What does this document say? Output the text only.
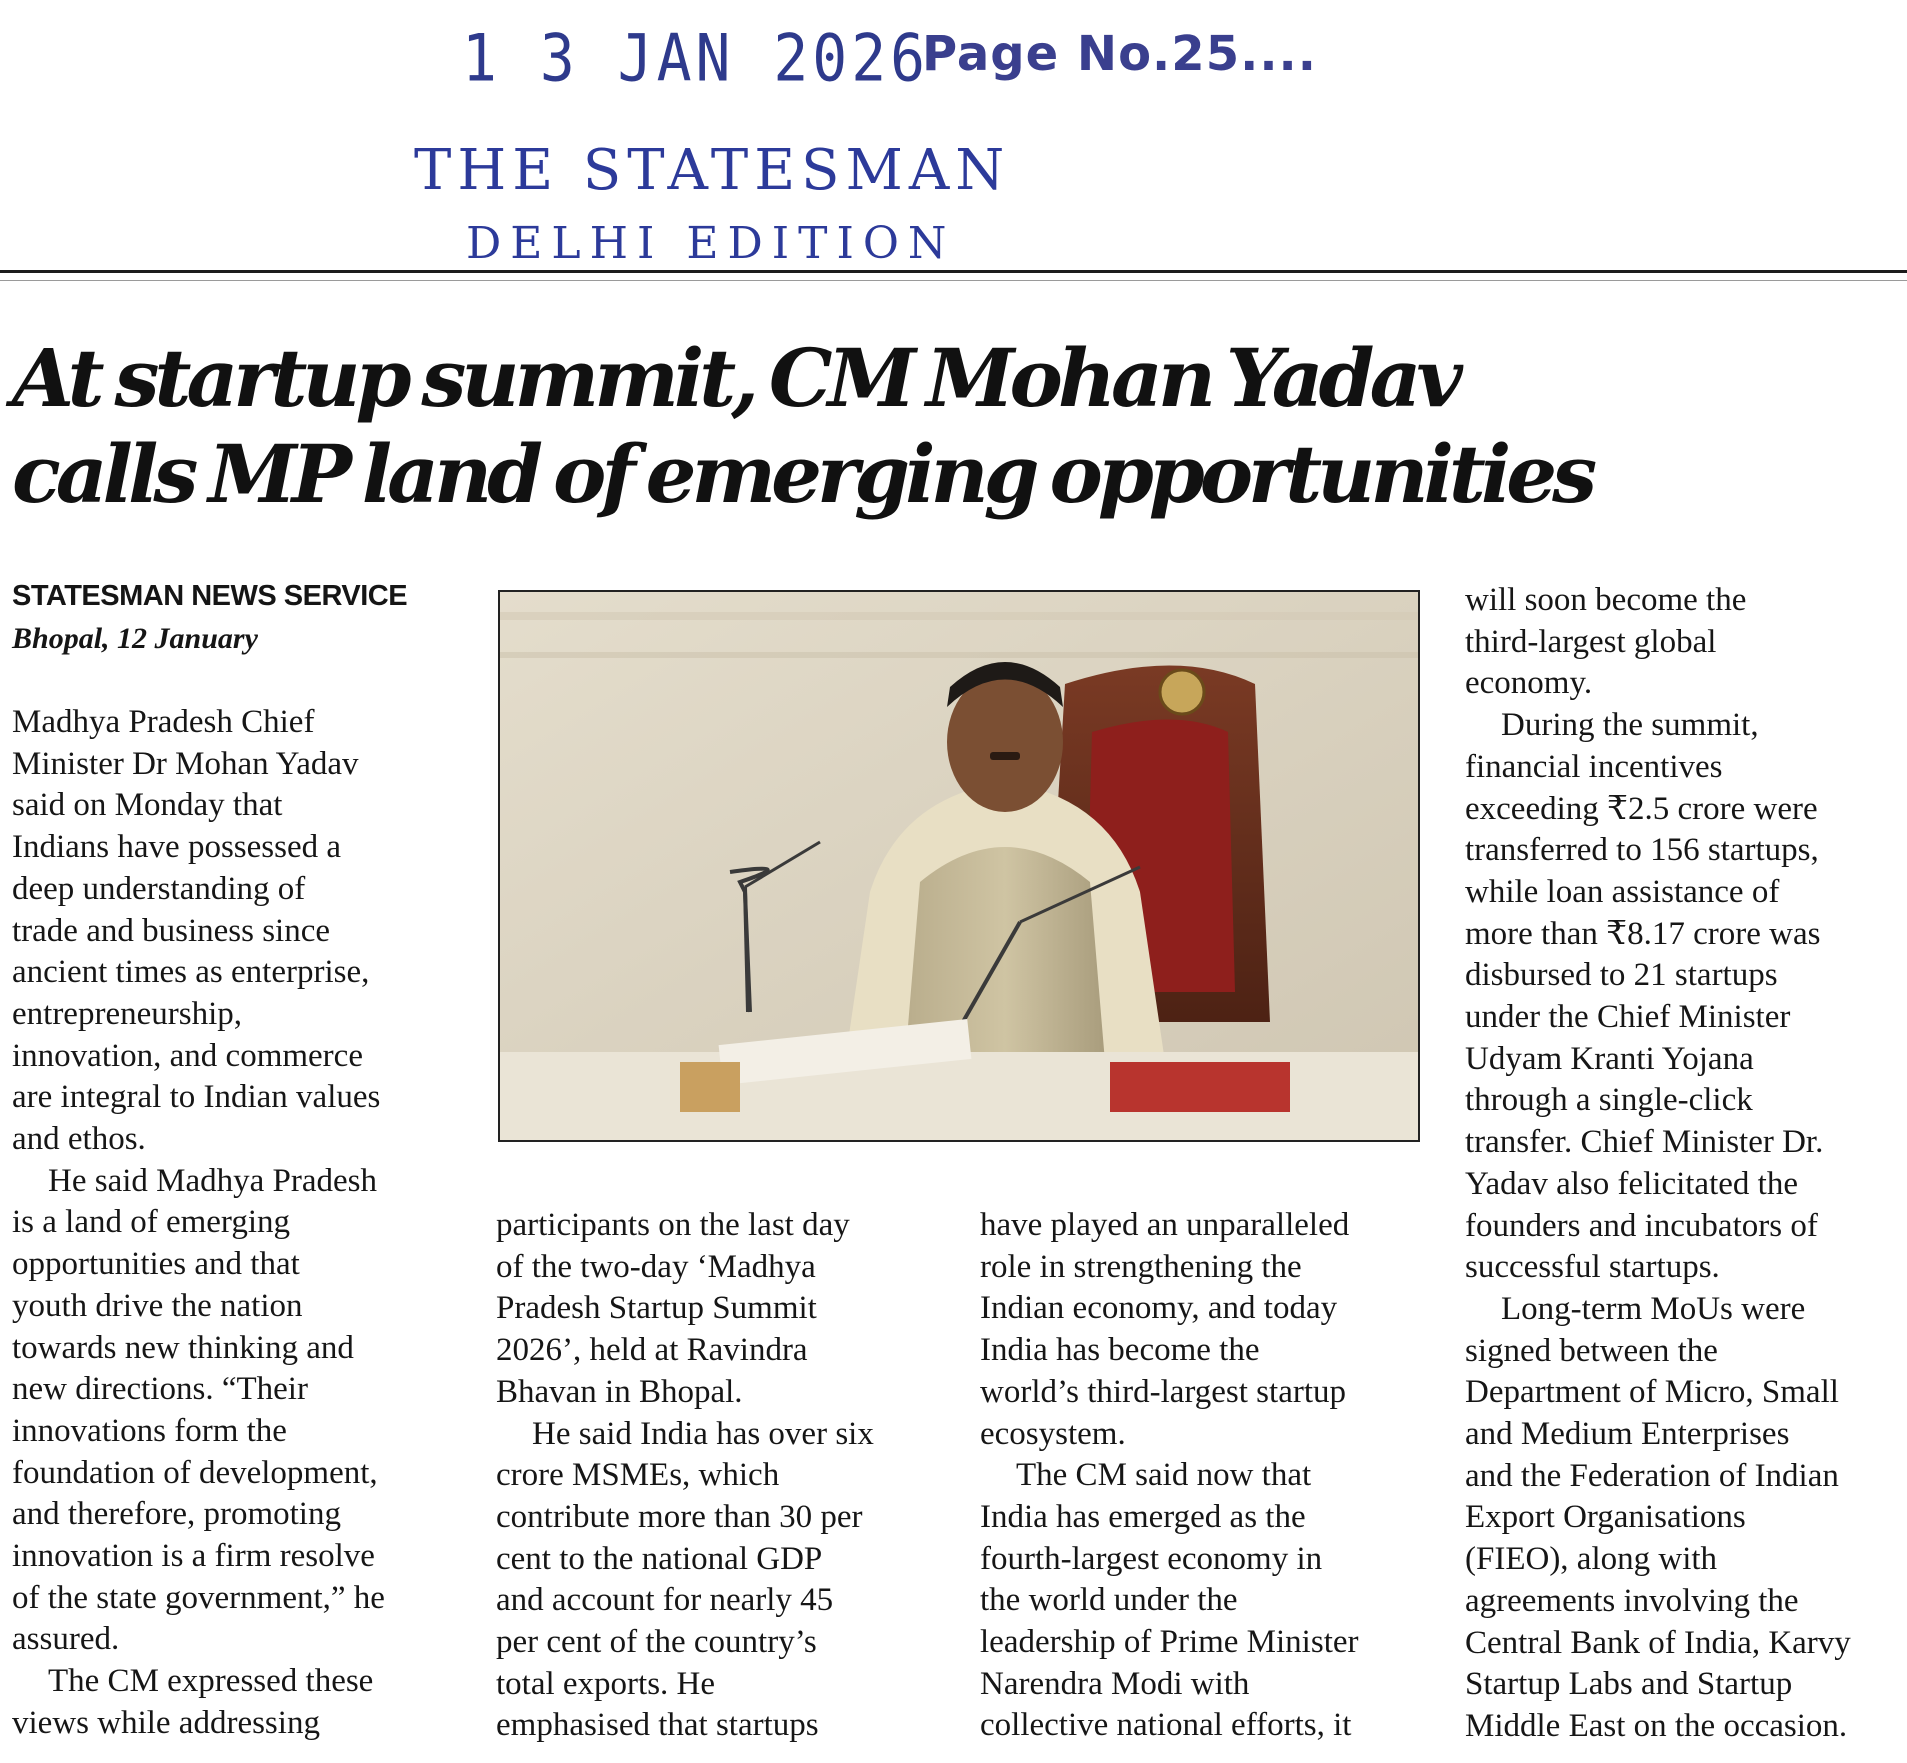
1 3 JAN 2026
Page No.25....
THE STATESMAN
DELHI EDITION
At startup summit, CM Mohan Yadav
calls MP land of emerging opportunities
STATESMAN NEWS SERVICE
Bhopal, 12 January
Madhya Pradesh Chief
Minister Dr Mohan Yadav
said on Monday that
Indians have possessed a
deep understanding of
trade and business since
ancient times as enterprise,
entrepreneurship,
innovation, and commerce
are integral to Indian values
and ethos.
He said Madhya Pradesh
is a land of emerging
opportunities and that
youth drive the nation
towards new thinking and
new directions. “Their
innovations form the
foundation of development,
and therefore, promoting
innovation is a firm resolve
of the state government,” he
assured.
The CM expressed these
views while addressing
participants on the last day
of the two-day ‘Madhya
Pradesh Startup Summit
2026’, held at Ravindra
Bhavan in Bhopal.
He said India has over six
crore MSMEs, which
contribute more than 30 per
cent to the national GDP
and account for nearly 45
per cent of the country’s
total exports. He
emphasised that startups
have played an unparalleled
role in strengthening the
Indian economy, and today
India has become the
world’s third-largest startup
ecosystem.
The CM said now that
India has emerged as the
fourth-largest economy in
the world under the
leadership of Prime Minister
Narendra Modi with
collective national efforts, it
will soon become the
third-largest global
economy.
During the summit,
financial incentives
exceeding ₹2.5 crore were
transferred to 156 startups,
while loan assistance of
more than ₹8.17 crore was
disbursed to 21 startups
under the Chief Minister
Udyam Kranti Yojana
through a single-click
transfer. Chief Minister Dr.
Yadav also felicitated the
founders and incubators of
successful startups.
Long-term MoUs were
signed between the
Department of Micro, Small
and Medium Enterprises
and the Federation of Indian
Export Organisations
(FIEO), along with
agreements involving the
Central Bank of India, Karvy
Startup Labs and Startup
Middle East on the occasion.
